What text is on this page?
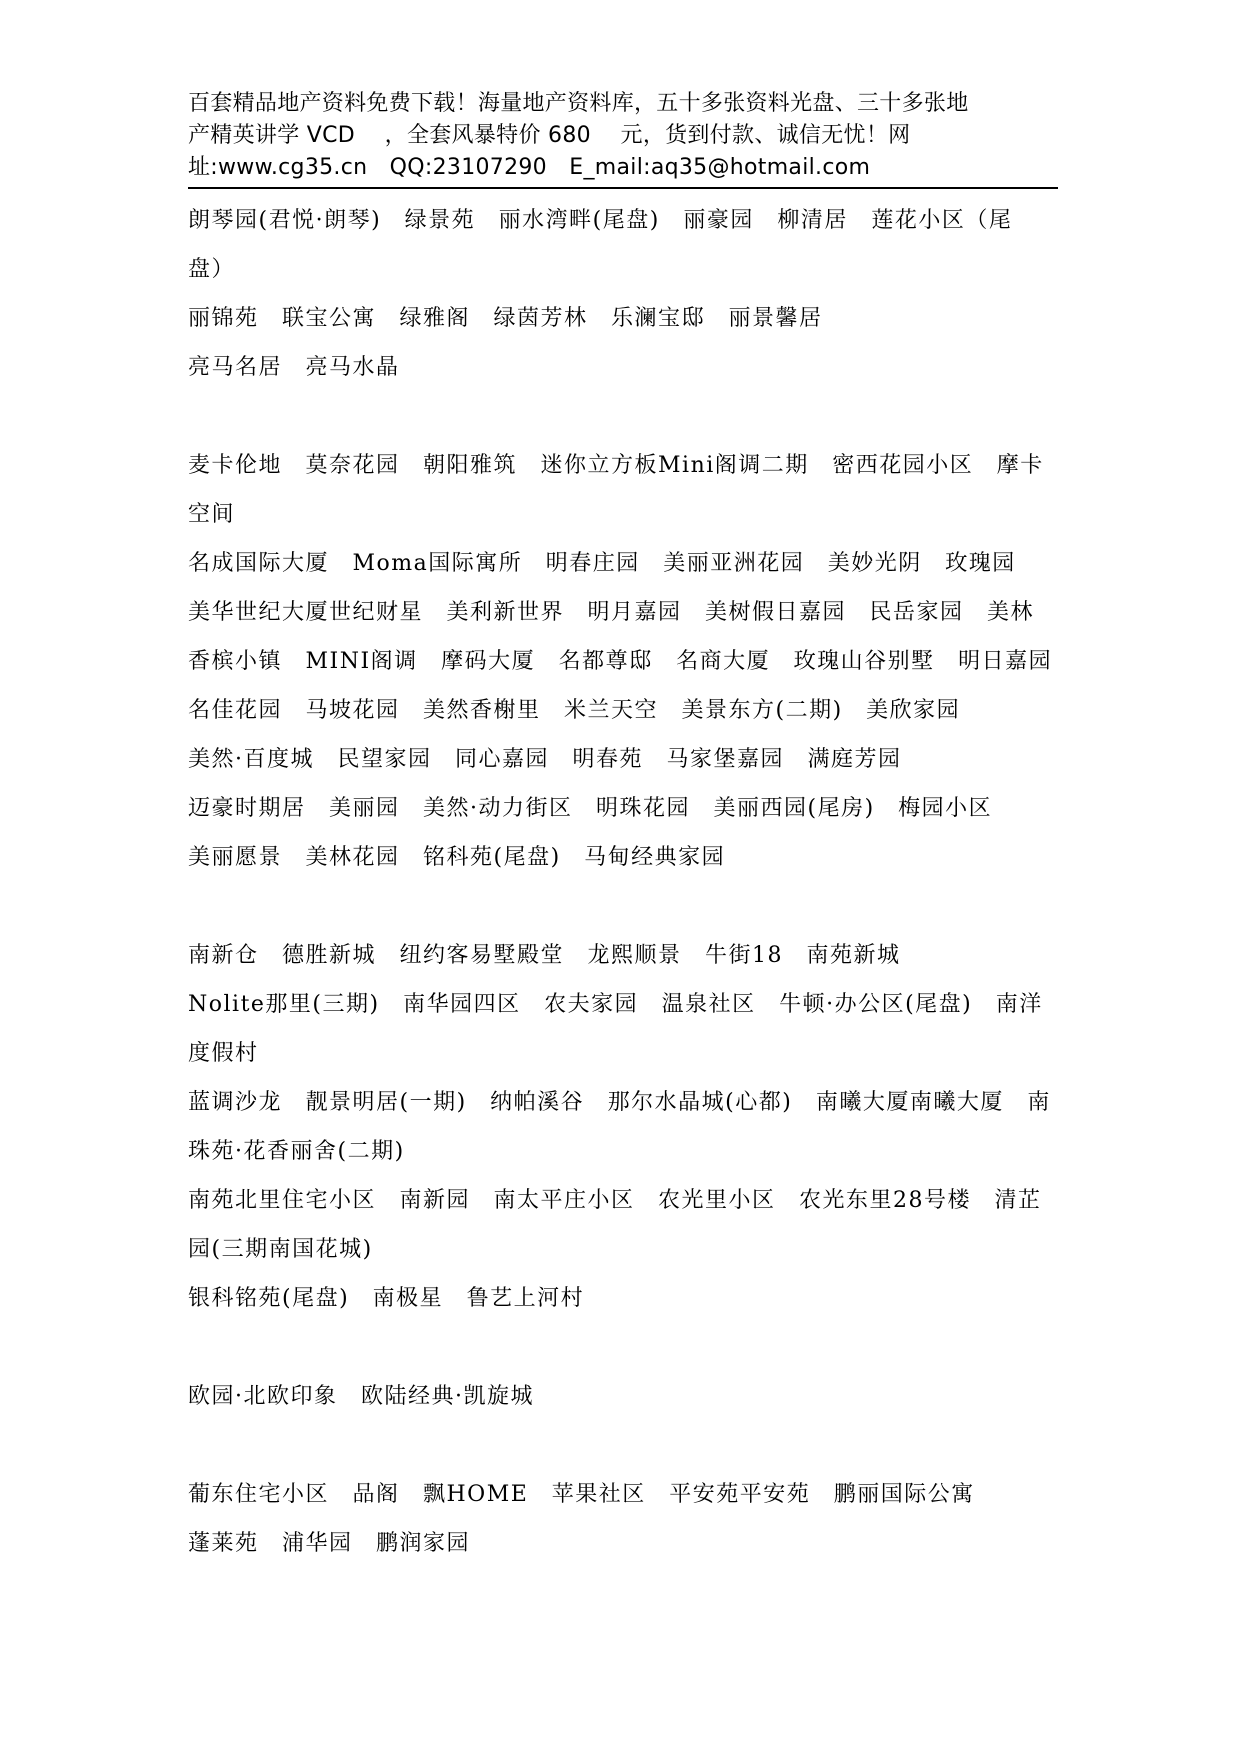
百套精品地产资料免费下载！海量地产资料库，五十多张资料光盘、三十多张地
产精英讲学 VCD　 ，全套风暴特价 680　 元，货到付款、诚信无忧！网
址:www.cg35.cn　QQ:23107290　E_mail:aq35@hotmail.com
朗琴园(君悦·朗琴)　绿景苑　丽水湾畔(尾盘)　丽豪园　柳清居　莲花小区（尾
盘）
丽锦苑　联宝公寓　绿雅阁　绿茵芳林　乐澜宝邸　丽景馨居
亮马名居　亮马水晶
麦卡伦地　莫奈花园　朝阳雅筑　迷你立方板Mini阁调二期　密西花园小区　摩卡
空间
名成国际大厦　Moma国际寓所　明春庄园　美丽亚洲花园　美妙光阴　玫瑰园
美华世纪大厦世纪财星　美利新世界　明月嘉园　美树假日嘉园　民岳家园　美林
香槟小镇　MINI阁调　摩码大厦　名都尊邸　名商大厦　玫瑰山谷别墅　明日嘉园
名佳花园　马坡花园　美然香榭里　米兰天空　美景东方(二期)　美欣家园
美然·百度城　民望家园　同心嘉园　明春苑　马家堡嘉园　满庭芳园
迈豪时期居　美丽园　美然·动力街区　明珠花园　美丽西园(尾房)　梅园小区
美丽愿景　美林花园　铭科苑(尾盘)　马甸经典家园
南新仓　德胜新城　纽约客易墅殿堂　龙熙顺景　牛街18　南苑新城
Nolite那里(三期)　南华园四区　农夫家园　温泉社区　牛顿·办公区(尾盘)　南洋
度假村
蓝调沙龙　靓景明居(一期)　纳帕溪谷　那尔水晶城(心都)　南曦大厦南曦大厦　南
珠苑·花香丽舍(二期)
南苑北里住宅小区　南新园　南太平庄小区　农光里小区　农光东里28号楼　清芷
园(三期南国花城)
银科铭苑(尾盘)　南极星　鲁艺上河村
欧园·北欧印象　欧陆经典·凯旋城
葡东住宅小区　品阁　飘HOME　苹果社区　平安苑平安苑　鹏丽国际公寓
蓬莱苑　浦华园　鹏润家园
